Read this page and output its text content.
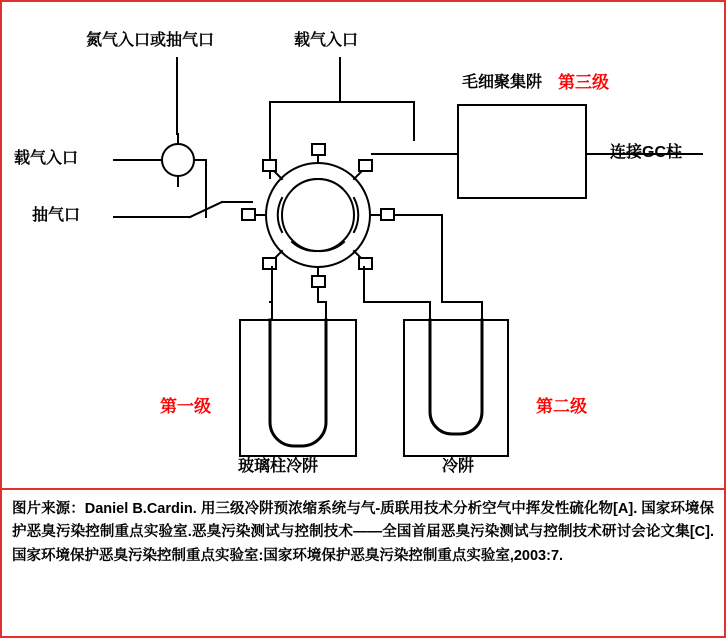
氮气入口或抽气口	载气入口
载气入口
抽气口
毛细聚集阱 第三级
连接GC柱
第一级	第二级
玻璃柱冷阱	冷阱

图片来源：Daniel B.Cardin. 用三级冷阱预浓缩系统与气-质联用技术分析空气中挥发性硫化物[A]. 国家环境保护恶臭污染控制重点实验室.恶臭污染测试与控制技术——全国首届恶臭污染测试与控制技术研讨会论文集[C].国家环境保护恶臭污染控制重点实验室:国家环境保护恶臭污染控制重点实验室,2003:7.
